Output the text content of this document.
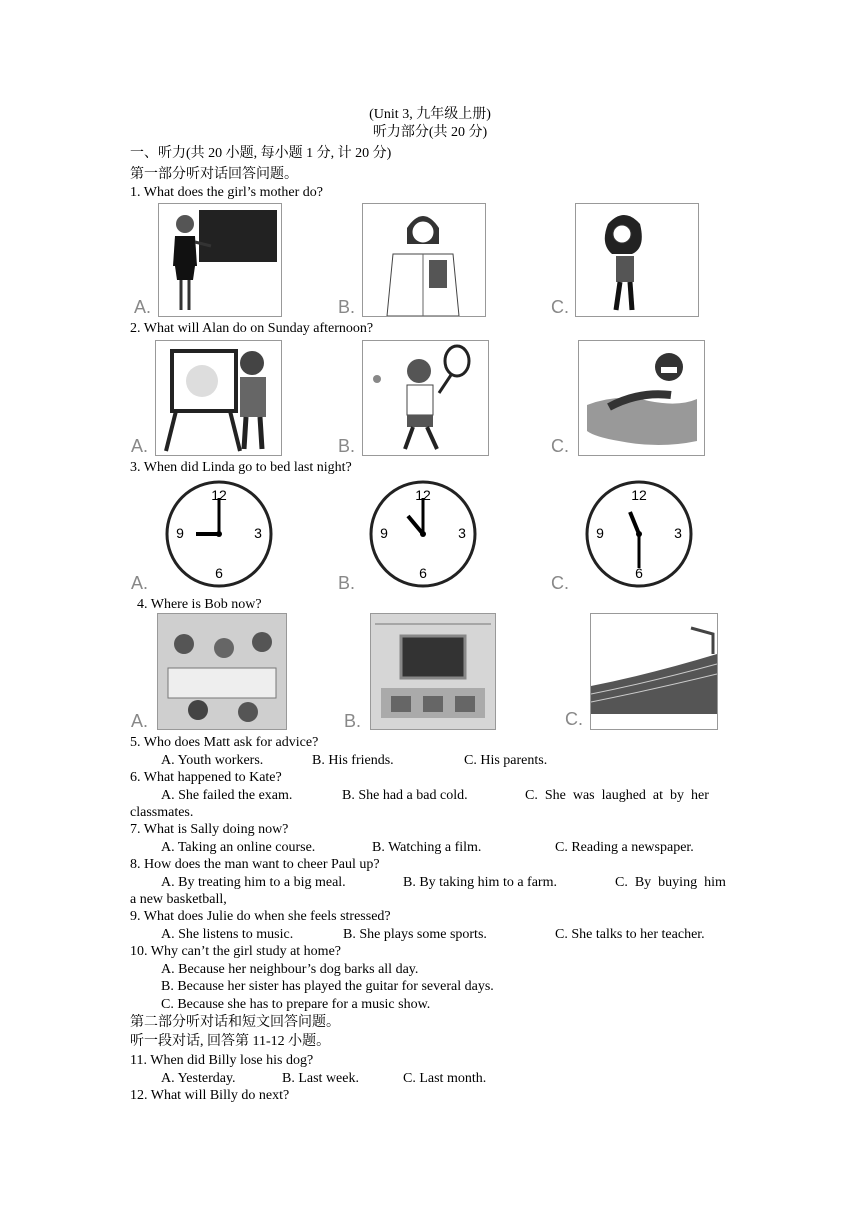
(Unit 3, 九年级上册)
听力部分(共 20 分)
一、听力(共 20 小题, 每小题 1 分, 计 20 分)
第一部分听对话回答问题。
1. What does the girl’s mother do?
A.	B.	C.
2. What will Alan do on Sunday afternoon?
A.	B.	C.
3. When did Linda go to bed last night?
12
3
6
9
12
3
6
9
12
3
6
9
A.	B.	C.
4. Where is Bob now?
A.	B.	C.
5. Who does Matt ask for advice?
A. Youth workers.	B. His friends.	C. His parents.
6. What happened to Kate?
A. She failed the exam.	B. She had a bad cold.	C.  She  was  laughed  at  by  her
classmates.
7. What is Sally doing now?
A. Taking an online course.	B. Watching a film.	C. Reading a newspaper.
8. How does the man want to cheer Paul up?
A. By treating him to a big meal.	B. By taking him to a farm.	C.  By  buying  him
a new basketball,
9. What does Julie do when she feels stressed?
A. She listens to music.	B. She plays some sports.	C. She talks to her teacher.
10. Why can’t the girl study at home?
A. Because her neighbour’s dog barks all day.
B. Because her sister has played the guitar for several days.
C. Because she has to prepare for a music show.
第二部分听对话和短文回答问题。
听一段对话, 回答第 11-12 小题。
11. When did Billy lose his dog?
A. Yesterday.	B. Last week.	C. Last month.
12. What will Billy do next?
